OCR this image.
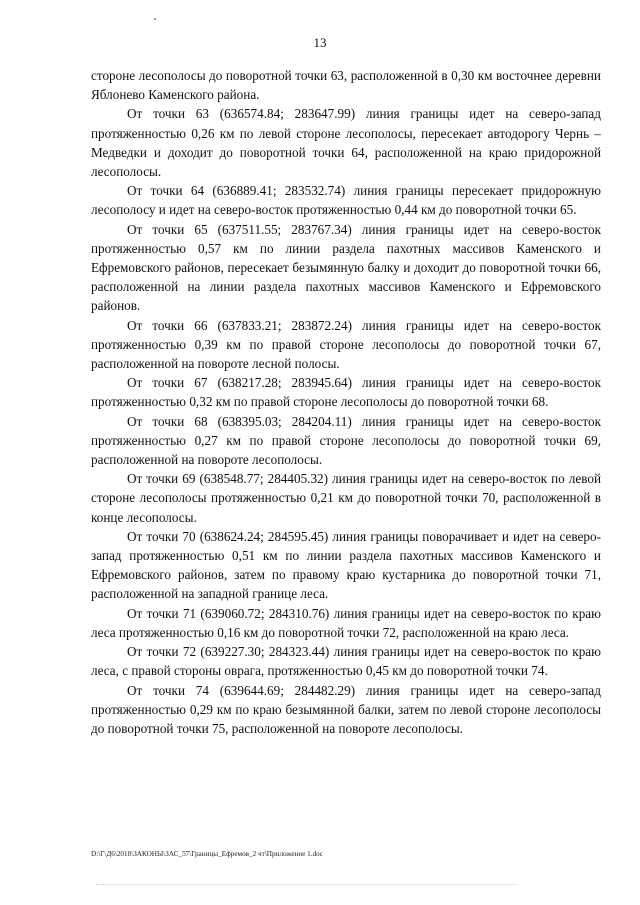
13

стороне лесополосы до поворотной точки 63, расположенной в 0,30 км восточнее деревни Яблонево Каменского района.

От точки 63 (636574.84; 283647.99) линия границы идет на северо-запад протяженностью 0,26 км по левой стороне лесополосы, пересекает автодорогу Чернь – Медведки и доходит до поворотной точки 64, расположенной на краю придорожной лесополосы.

От точки 64 (636889.41; 283532.74) линия границы пересекает придорожную лесополосу и идет на северо-восток протяженностью 0,44 км до поворотной точки 65.

От точки 65 (637511.55; 283767.34) линия границы идет на северо-восток протяженностью 0,57 км по линии раздела пахотных массивов Каменского и Ефремовского районов, пересекает безымянную балку и доходит до поворотной точки 66, расположенной на линии раздела пахотных массивов Каменского и Ефремовского районов.

От точки 66 (637833.21; 283872.24) линия границы идет на северо-восток протяженностью 0,39 км по правой стороне лесополосы до поворотной точки 67, расположенной на повороте лесной полосы.

От точки 67 (638217.28; 283945.64) линия границы идет на северо-восток протяженностью 0,32 км по правой стороне лесополосы до поворотной точки 68.

От точки 68 (638395.03; 284204.11) линия границы идет на северо-восток протяженностью 0,27 км по правой стороне лесополосы до поворотной точки 69, расположенной на повороте лесополосы.

От точки 69 (638548.77; 284405.32) линия границы идет на северо-восток по левой стороне лесополосы протяженностью 0,21 км до поворотной точки 70, расположенной в конце лесополосы.

От точки 70 (638624.24; 284595.45) линия границы поворачивает и идет на северо-запад протяженностью 0,51 км по линии раздела пахотных массивов Каменского и Ефремовского районов, затем по правому краю кустарника до поворотной точки 71, расположенной на западной границе леса.

От точки 71 (639060.72; 284310.76) линия границы идет на северо-восток по краю леса протяженностью 0,16 км до поворотной точки 72, расположенной на краю леса.

От точки 72 (639227.30; 284323.44) линия границы идет на северо-восток по краю леса, с правой стороны оврага, протяженностью 0,45 км до поворотной точки 74.

От точки 74 (639644.69; 284482.29) линия границы идет на северо-запад протяженностью 0,29 км по краю безымянной балки, затем по левой стороне лесополосы до поворотной точки 75, расположенной на повороте лесополосы.

D:\Г\Д6\2018\ЗАКОНЫ\ЗАС_57\Границы_Ефремов_2 чт\Приложение 1.doc
